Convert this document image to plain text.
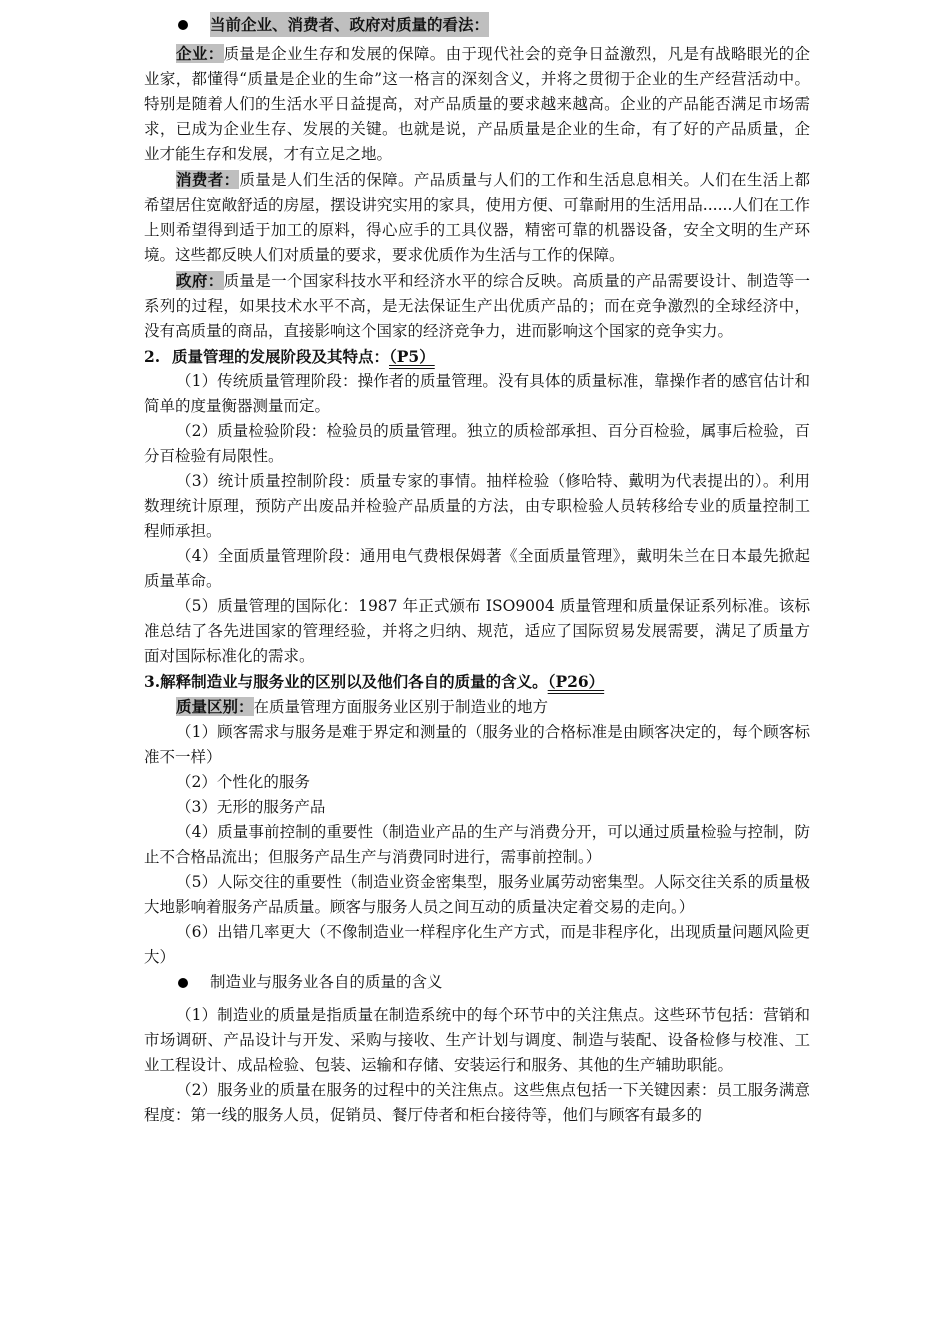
当前企业、消费者、政府对质量的看法：

企业：质量是企业生存和发展的保障。由于现代社会的竞争日益激烈，凡是有战略眼光的企业家，都懂得“质量是企业的生命”这一格言的深刻含义，并将之贯彻于企业的生产经营活动中。特别是随着人们的生活水平日益提高，对产品质量的要求越来越高。企业的产品能否满足市场需求，已成为企业生存、发展的关键。也就是说，产品质量是企业的生命，有了好的产品质量，企业才能生存和发展，才有立足之地。

消费者：质量是人们生活的保障。产品质量与人们的工作和生活息息相关。人们在生活上都希望居住宽敞舒适的房屋，摆设讲究实用的家具，使用方便、可靠耐用的生活用品......人们在工作上则希望得到适于加工的原料，得心应手的工具仪器，精密可靠的机器设备，安全文明的生产环境。这些都反映人们对质量的要求，要求优质作为生活与工作的保障。

政府：质量是一个国家科技水平和经济水平的综合反映。高质量的产品需要设计、制造等一系列的过程，如果技术水平不高，是无法保证生产出优质产品的；而在竞争激烈的全球经济中，没有高质量的商品，直接影响这个国家的经济竞争力，进而影响这个国家的竞争实力。

2. 质量管理的发展阶段及其特点：（P5）

（1）传统质量管理阶段：操作者的质量管理。没有具体的质量标准，靠操作者的感官估计和简单的度量衡器测量而定。

（2）质量检验阶段：检验员的质量管理。独立的质检部承担、百分百检验，属事后检验，百分百检验有局限性。

（3）统计质量控制阶段：质量专家的事情。抽样检验（修哈特、戴明为代表提出的）。利用数理统计原理，预防产出废品并检验产品质量的方法，由专职检验人员转移给专业的质量控制工程师承担。

（4）全面质量管理阶段：通用电气费根保姆著《全面质量管理》，戴明朱兰在日本最先掀起质量革命。

（5）质量管理的国际化：1987 年正式颁布 ISO9004 质量管理和质量保证系列标准。该标准总结了各先进国家的管理经验，并将之归纳、规范，适应了国际贸易发展需要，满足了质量方面对国际标准化的需求。

3.解释制造业与服务业的区别以及他们各自的质量的含义。（P26）

质量区别：在质量管理方面服务业区别于制造业的地方

（1）顾客需求与服务是难于界定和测量的（服务业的合格标准是由顾客决定的，每个顾客标准不一样）

（2）个性化的服务

（3）无形的服务产品

（4）质量事前控制的重要性（制造业产品的生产与消费分开，可以通过质量检验与控制，防止不合格品流出；但服务产品生产与消费同时进行，需事前控制。）

（5）人际交往的重要性（制造业资金密集型，服务业属劳动密集型。人际交往关系的质量极大地影响着服务产品质量。顾客与服务人员之间互动的质量决定着交易的走向。）

（6）出错几率更大（不像制造业一样程序化生产方式，而是非程序化，出现质量问题风险更大）

制造业与服务业各自的质量的含义

（1）制造业的质量是指质量在制造系统中的每个环节中的关注焦点。这些环节包括：营销和市场调研、产品设计与开发、采购与接收、生产计划与调度、制造与装配、设备检修与校准、工业工程设计、成品检验、包装、运输和存储、安装运行和服务、其他的生产辅助职能。

（2）服务业的质量在服务的过程中的关注焦点。这些焦点包括一下关键因素：员工服务满意程度：第一线的服务人员，促销员、餐厅侍者和柜台接待等，他们与顾客有最多的
